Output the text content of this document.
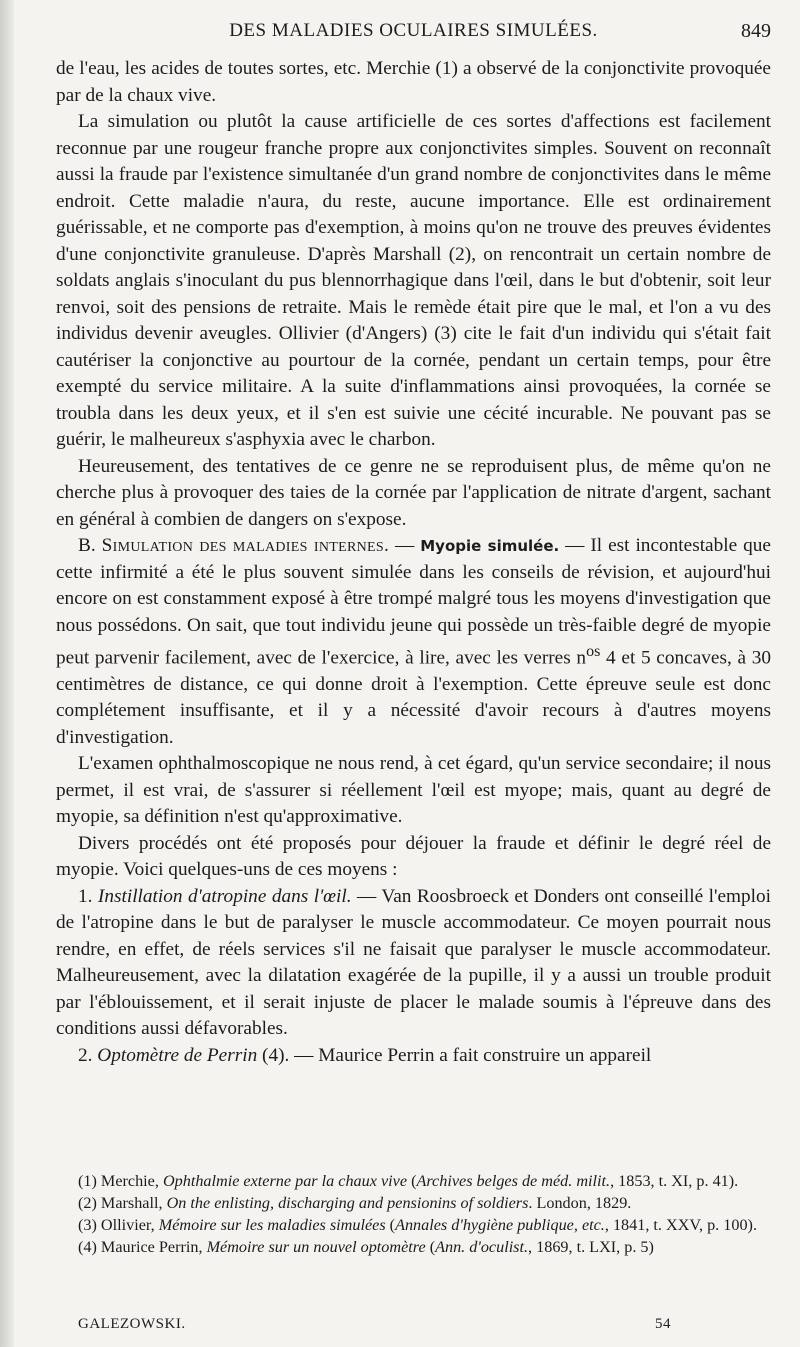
DES MALADIES OCULAIRES SIMULÉES.	849

de l'eau, les acides de toutes sortes, etc. Merchie (1) a observé de la conjonctivite provoquée par de la chaux vive.

La simulation ou plutôt la cause artificielle de ces sortes d'affections est facilement reconnue par une rougeur franche propre aux conjonctivites simples. Souvent on reconnaît aussi la fraude par l'existence simultanée d'un grand nombre de conjonctivites dans le même endroit. Cette maladie n'aura, du reste, aucune importance. Elle est ordinairement guérissable, et ne comporte pas d'exemption, à moins qu'on ne trouve des preuves évidentes d'une conjonctivite granuleuse. D'après Marshall (2), on rencontrait un certain nombre de soldats anglais s'inoculant du pus blennorrhagique dans l'œil, dans le but d'obtenir, soit leur renvoi, soit des pensions de retraite. Mais le remède était pire que le mal, et l'on a vu des individus devenir aveugles. Ollivier (d'Angers) (3) cite le fait d'un individu qui s'était fait cautériser la conjonctive au pourtour de la cornée, pendant un certain temps, pour être exempté du service militaire. A la suite d'inflammations ainsi provoquées, la cornée se troubla dans les deux yeux, et il s'en est suivie une cécité incurable. Ne pouvant pas se guérir, le malheureux s'asphyxia avec le charbon.

Heureusement, des tentatives de ce genre ne se reproduisent plus, de même qu'on ne cherche plus à provoquer des taies de la cornée par l'application de nitrate d'argent, sachant en général à combien de dangers on s'expose.

B. Simulation des maladies internes. — Myopie simulée. — Il est incontestable que cette infirmité a été le plus souvent simulée dans les conseils de révision, et aujourd'hui encore on est constamment exposé à être trompé malgré tous les moyens d'investigation que nous possédons. On sait, que tout individu jeune qui possède un très-faible degré de myopie peut parvenir facilement, avec de l'exercice, à lire, avec les verres $n^{os}$ 4 et 5 concaves, à 30 centimètres de distance, ce qui donne droit à l'exemption. Cette épreuve seule est donc complétement insuffisante, et il y a nécessité d'avoir recours à d'autres moyens d'investigation.

L'examen ophthalmoscopique ne nous rend, à cet égard, qu'un service secondaire; il nous permet, il est vrai, de s'assurer si réellement l'œil est myope; mais, quant au degré de myopie, sa définition n'est qu'approximative.

Divers procédés ont été proposés pour déjouer la fraude et définir le degré réel de myopie. Voici quelques-uns de ces moyens :

1. Instillation d'atropine dans l'œil. — Van Roosbroeck et Donders ont conseillé l'emploi de l'atropine dans le but de paralyser le muscle accommodateur. Ce moyen pourrait nous rendre, en effet, de réels services s'il ne faisait que paralyser le muscle accommodateur. Malheureusement, avec la dilatation exagérée de la pupille, il y a aussi un trouble produit par l'éblouissement, et il serait injuste de placer le malade soumis à l'épreuve dans des conditions aussi défavorables.

2. Optomètre de Perrin (4). — Maurice Perrin a fait construire un appareil

(1) Merchie, Ophthalmie externe par la chaux vive (Archives belges de méd. milit., 1853, t. XI, p. 41).

(2) Marshall, On the enlisting, discharging and pensionins of soldiers. London, 1829.

(3) Ollivier, Mémoire sur les maladies simulées (Annales d'hygiène publique, etc., 1841, t. XXV, p. 100).

(4) Maurice Perrin, Mémoire sur un nouvel optomètre (Ann. d'oculist., 1869, t. LXI, p. 5)

GALEZOWSKI.	54
